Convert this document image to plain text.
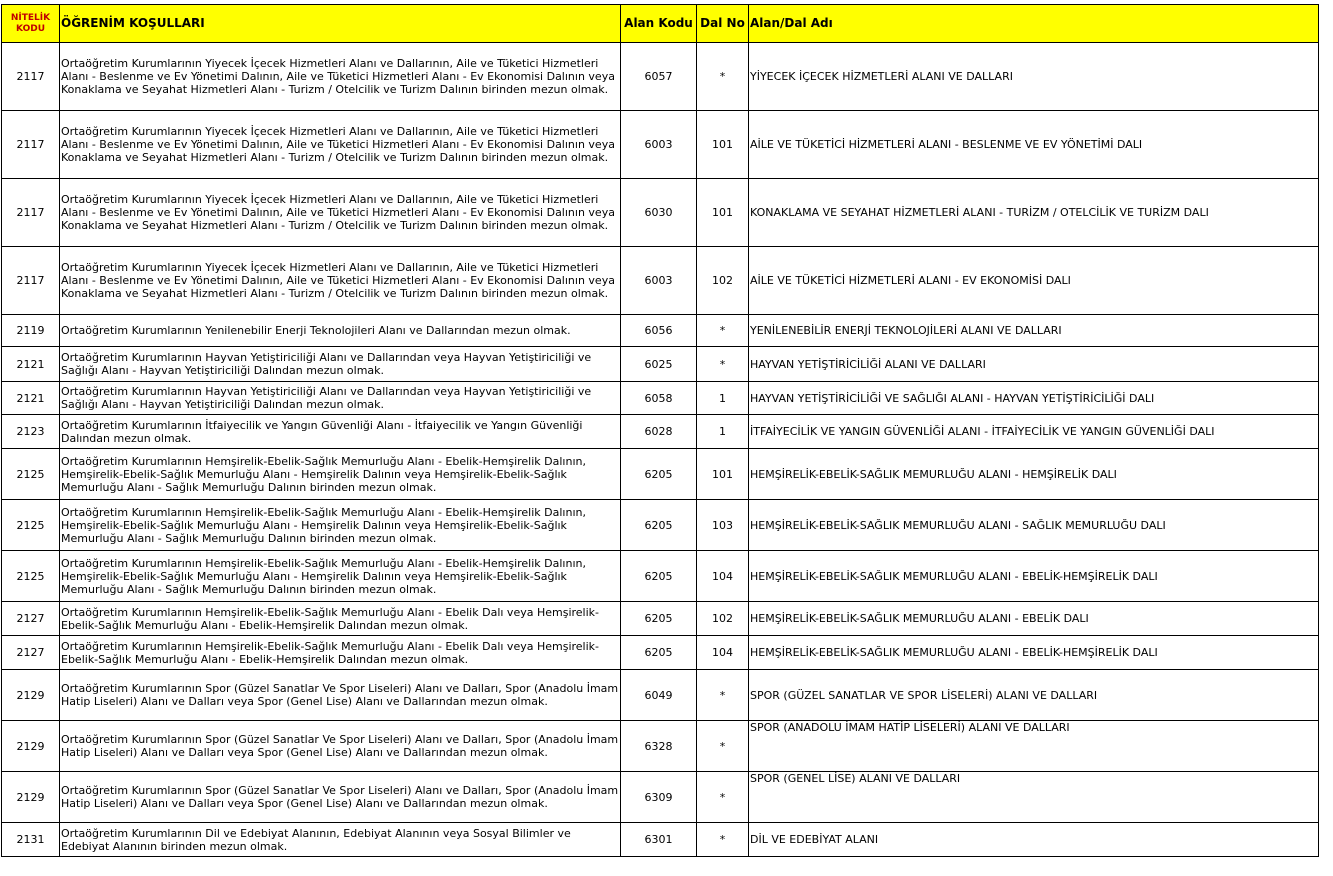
NİTELİK KODU	ÖĞRENİM KOŞULLARI	Alan Kodu	Dal No	Alan/Dal Adı
2117	Ortaöğretim Kurumlarının Yiyecek İçecek Hizmetleri Alanı ve Dallarının, Aile ve Tüketici Hizmetleri Alanı - Beslenme ve Ev Yönetimi Dalının, Aile ve Tüketici Hizmetleri Alanı - Ev Ekonomisi Dalının veya Konaklama ve Seyahat Hizmetleri Alanı - Turizm / Otelcilik ve Turizm Dalının birinden mezun olmak.	6057	*	YİYECEK İÇECEK HİZMETLERİ ALANI VE DALLARI
2117	Ortaöğretim Kurumlarının Yiyecek İçecek Hizmetleri Alanı ve Dallarının, Aile ve Tüketici Hizmetleri Alanı - Beslenme ve Ev Yönetimi Dalının, Aile ve Tüketici Hizmetleri Alanı - Ev Ekonomisi Dalının veya Konaklama ve Seyahat Hizmetleri Alanı - Turizm / Otelcilik ve Turizm Dalının birinden mezun olmak.	6003	101	AİLE VE TÜKETİCİ HİZMETLERİ ALANI - BESLENME VE EV YÖNETİMİ DALI
2117	Ortaöğretim Kurumlarının Yiyecek İçecek Hizmetleri Alanı ve Dallarının, Aile ve Tüketici Hizmetleri Alanı - Beslenme ve Ev Yönetimi Dalının, Aile ve Tüketici Hizmetleri Alanı - Ev Ekonomisi Dalının veya Konaklama ve Seyahat Hizmetleri Alanı - Turizm / Otelcilik ve Turizm Dalının birinden mezun olmak.	6030	101	KONAKLAMA VE SEYAHAT HİZMETLERİ ALANI - TURİZM / OTELCİLİK VE TURİZM DALI
2117	Ortaöğretim Kurumlarının Yiyecek İçecek Hizmetleri Alanı ve Dallarının, Aile ve Tüketici Hizmetleri Alanı - Beslenme ve Ev Yönetimi Dalının, Aile ve Tüketici Hizmetleri Alanı - Ev Ekonomisi Dalının veya Konaklama ve Seyahat Hizmetleri Alanı - Turizm / Otelcilik ve Turizm Dalının birinden mezun olmak.	6003	102	AİLE VE TÜKETİCİ HİZMETLERİ ALANI - EV EKONOMİSİ DALI
2119	Ortaöğretim Kurumlarının Yenilenebilir Enerji Teknolojileri Alanı ve Dallarından mezun olmak.	6056	*	YENİLENEBİLİR ENERJİ TEKNOLOJİLERİ ALANI VE DALLARI
2121	Ortaöğretim Kurumlarının Hayvan Yetiştiriciliği Alanı ve Dallarından veya Hayvan Yetiştiriciliği ve Sağlığı Alanı - Hayvan Yetiştiriciliği Dalından mezun olmak.	6025	*	HAYVAN YETİŞTİRİCİLİĞİ ALANI VE DALLARI
2121	Ortaöğretim Kurumlarının Hayvan Yetiştiriciliği Alanı ve Dallarından veya Hayvan Yetiştiriciliği ve Sağlığı Alanı - Hayvan Yetiştiriciliği Dalından mezun olmak.	6058	1	HAYVAN YETİŞTİRİCİLİĞİ VE SAĞLIĞI ALANI - HAYVAN YETİŞTİRİCİLİĞİ DALI
2123	Ortaöğretim Kurumlarının İtfaiyecilik ve Yangın Güvenliği Alanı - İtfaiyecilik ve Yangın Güvenliği Dalından mezun olmak.	6028	1	İTFAİYECİLİK VE YANGIN GÜVENLİĞİ ALANI - İTFAİYECİLİK VE YANGIN GÜVENLİĞİ DALI
2125	Ortaöğretim Kurumlarının Hemşirelik-Ebelik-Sağlık Memurluğu Alanı - Ebelik-Hemşirelik Dalının, Hemşirelik-Ebelik-Sağlık Memurluğu Alanı - Hemşirelik Dalının veya Hemşirelik-Ebelik-Sağlık Memurluğu Alanı - Sağlık Memurluğu Dalının birinden mezun olmak.	6205	101	HEMŞİRELİK-EBELİK-SAĞLIK MEMURLUĞU ALANI - HEMŞİRELİK DALI
2125	Ortaöğretim Kurumlarının Hemşirelik-Ebelik-Sağlık Memurluğu Alanı - Ebelik-Hemşirelik Dalının, Hemşirelik-Ebelik-Sağlık Memurluğu Alanı - Hemşirelik Dalının veya Hemşirelik-Ebelik-Sağlık Memurluğu Alanı - Sağlık Memurluğu Dalının birinden mezun olmak.	6205	103	HEMŞİRELİK-EBELİK-SAĞLIK MEMURLUĞU ALANI - SAĞLIK MEMURLUĞU DALI
2125	Ortaöğretim Kurumlarının Hemşirelik-Ebelik-Sağlık Memurluğu Alanı - Ebelik-Hemşirelik Dalının, Hemşirelik-Ebelik-Sağlık Memurluğu Alanı - Hemşirelik Dalının veya Hemşirelik-Ebelik-Sağlık Memurluğu Alanı - Sağlık Memurluğu Dalının birinden mezun olmak.	6205	104	HEMŞİRELİK-EBELİK-SAĞLIK MEMURLUĞU ALANI - EBELİK-HEMŞİRELİK DALI
2127	Ortaöğretim Kurumlarının Hemşirelik-Ebelik-Sağlık Memurluğu Alanı - Ebelik Dalı veya Hemşirelik-Ebelik-Sağlık Memurluğu Alanı - Ebelik-Hemşirelik Dalından mezun olmak.	6205	102	HEMŞİRELİK-EBELİK-SAĞLIK MEMURLUĞU ALANI - EBELİK DALI
2127	Ortaöğretim Kurumlarının Hemşirelik-Ebelik-Sağlık Memurluğu Alanı - Ebelik Dalı veya Hemşirelik-Ebelik-Sağlık Memurluğu Alanı - Ebelik-Hemşirelik Dalından mezun olmak.	6205	104	HEMŞİRELİK-EBELİK-SAĞLIK MEMURLUĞU ALANI - EBELİK-HEMŞİRELİK DALI
2129	Ortaöğretim Kurumlarının Spor (Güzel Sanatlar Ve Spor Liseleri) Alanı ve Dalları, Spor (Anadolu İmam Hatip Liseleri) Alanı ve Dalları veya Spor (Genel Lise) Alanı ve Dallarından mezun olmak.	6049	*	SPOR (GÜZEL SANATLAR VE SPOR LİSELERİ) ALANI VE DALLARI
2129	Ortaöğretim Kurumlarının Spor (Güzel Sanatlar Ve Spor Liseleri) Alanı ve Dalları, Spor (Anadolu İmam Hatip Liseleri) Alanı ve Dalları veya Spor (Genel Lise) Alanı ve Dallarından mezun olmak.	6328	*	SPOR (ANADOLU İMAM HATİP LİSELERİ) ALANI VE DALLARI
2129	Ortaöğretim Kurumlarının Spor (Güzel Sanatlar Ve Spor Liseleri) Alanı ve Dalları, Spor (Anadolu İmam Hatip Liseleri) Alanı ve Dalları veya Spor (Genel Lise) Alanı ve Dallarından mezun olmak.	6309	*	SPOR (GENEL LİSE) ALANI VE DALLARI
2131	Ortaöğretim Kurumlarının Dil ve Edebiyat Alanının, Edebiyat Alanının veya Sosyal Bilimler ve Edebiyat Alanının birinden mezun olmak.	6301	*	DİL VE EDEBİYAT ALANI
